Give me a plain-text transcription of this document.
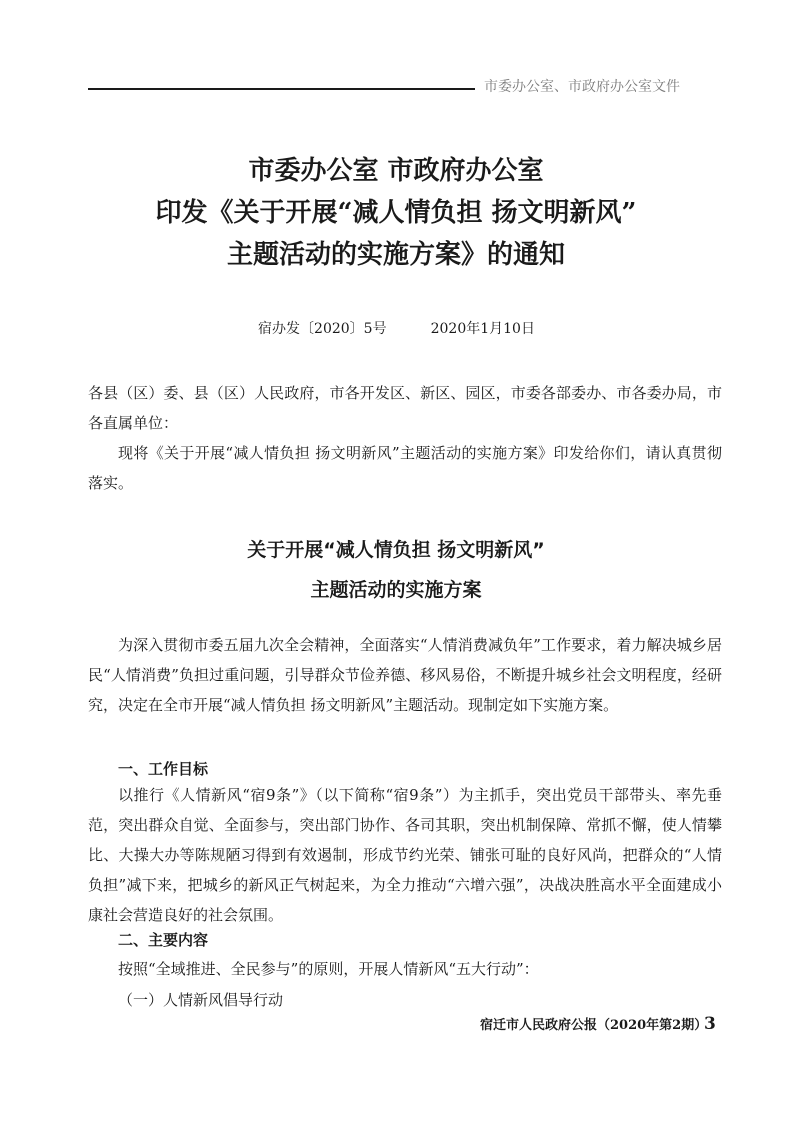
市委办公室、市政府办公室文件
市委办公室 市政府办公室
印发《关于开展“减人情负担 扬文明新风”
主题活动的实施方案》的通知
宿办发〔2020〕5号	2020年1月10日
各县（区）委、县（区）人民政府，市各开发区、新区、园区，市委各部委办、市各委办局，市各直属单位：
现将《关于开展“减人情负担 扬文明新风”主题活动的实施方案》印发给你们，请认真贯彻落实。
关于开展“减人情负担 扬文明新风”
主题活动的实施方案
为深入贯彻市委五届九次全会精神，全面落实“人情消费减负年”工作要求，着力解决城乡居民“人情消费”负担过重问题，引导群众节俭养德、移风易俗，不断提升城乡社会文明程度，经研究，决定在全市开展“减人情负担 扬文明新风”主题活动。现制定如下实施方案。
一、工作目标
以推行《人情新风“宿9条”》（以下简称“宿9条”）为主抓手，突出党员干部带头、率先垂范，突出群众自觉、全面参与，突出部门协作、各司其职，突出机制保障、常抓不懈，使人情攀比、大操大办等陈规陋习得到有效遏制，形成节约光荣、铺张可耻的良好风尚，把群众的“人情负担”减下来，把城乡的新风正气树起来，为全力推动“六增六强”，决战决胜高水平全面建成小康社会营造良好的社会氛围。
二、主要内容
按照“全域推进、全民参与”的原则，开展人情新风“五大行动”：
（一）人情新风倡导行动
宿迁市人民政府公报（2020年第2期）
3
